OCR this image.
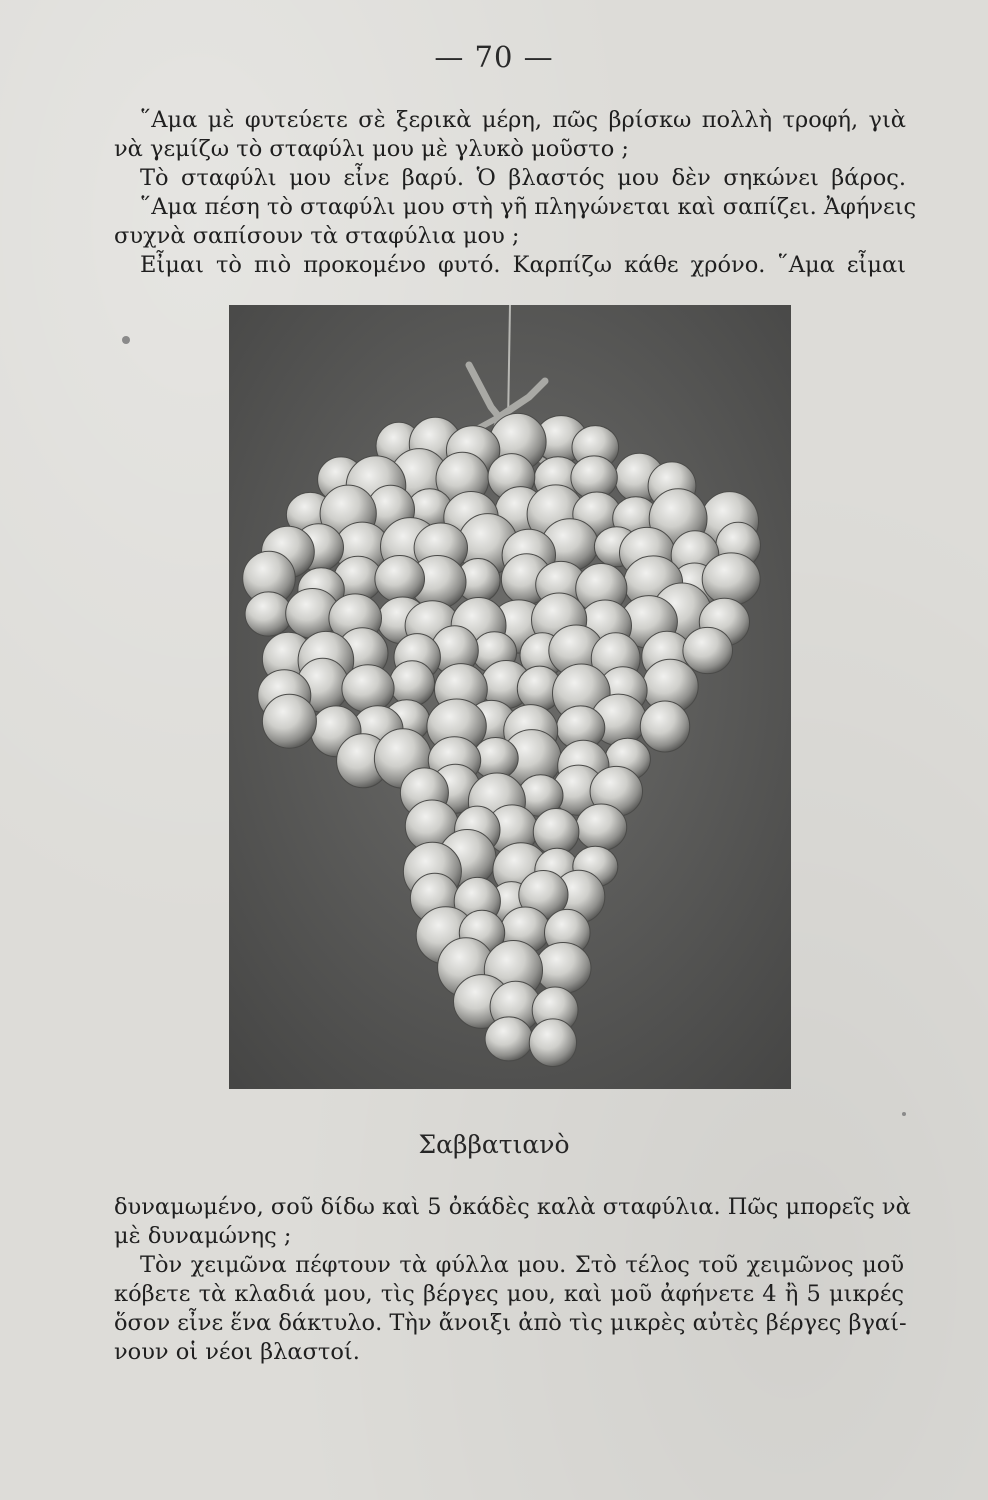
— 70 —
῞Αμα μὲ φυτεύετε σὲ ξερικὰ μέρη, πῶς βρίσκω πολλὴ τροφή, γιὰ
νὰ γεμίζω τὸ σταφύλι μου μὲ γλυκὸ μοῦστο ;
Τὸ σταφύλι μου εἶνε βαρύ. Ὁ βλαστός μου δὲν σηκώνει βάρος.
῞Αμα πέση τὸ σταφύλι μου στὴ γῆ πληγώνεται καὶ σαπίζει. Ἀφήνεις
συχνὰ σαπίσουν τὰ σταφύλια μου ;
Εἶμαι τὸ πιὸ προκομένο φυτό. Καρπίζω κάθε χρόνο. ῞Αμα εἶμαι
Σαββατιανὸ
δυναμωμένο, σοῦ δίδω καὶ 5 ὀκάδὲς καλὰ σταφύλια. Πῶς μπορεῖς νὰ
μὲ δυναμώνης ;
Τὸν χειμῶνα πέφτουν τὰ φύλλα μου. Στὸ τέλος τοῦ χειμῶνος μοῦ
κόβετε τὰ κλαδιά μου, τὶς βέργες μου, καὶ μοῦ ἀφήνετε 4 ἢ 5 μικρές
ὅσον εἶνε ἕνα δάκτυλο. Τὴν ἄνοιξι ἀπὸ τὶς μικρὲς αὐτὲς βέργες βγαί-
νουν οἱ νέοι βλαστοί.
